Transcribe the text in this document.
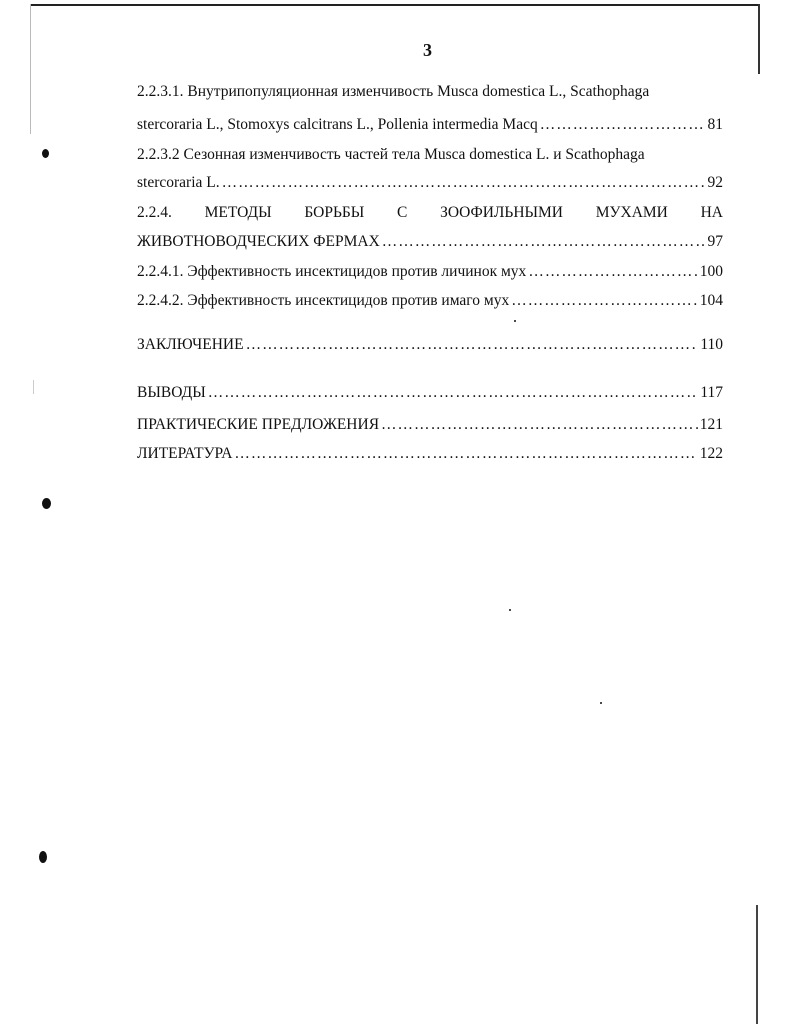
3
2.2.3.1. Внутрипопуляционная изменчивость Musca domestica L., Scathophaga
stercoraria L., Stomoxys calcitrans L., Pollenia intermedia Macq ……………………………………………………………………………………………………………………………………………………………………………	81
2.2.3.2 Сезонная изменчивость частей тела Musca domestica L. и Scathophaga
stercoraria L. ……………………………………………………………………………………………………………………………………………………………………………	92
2.2.4. МЕТОДЫ БОРЬБЫ С ЗООФИЛЬНЫМИ МУХАМИ НА
ЖИВОТНОВОДЧЕСКИХ ФЕРМАХ ……………………………………………………………………………………………………………………………………………………………………………	97
2.2.4.1. Эффективность инсектицидов против личинок мух ……………………………………………………………………………………………………………………………………………………………………………	100
2.2.4.2. Эффективность инсектицидов против имаго мух ……………………………………………………………………………………………………………………………………………………………………………	104
ЗАКЛЮЧЕНИЕ ……………………………………………………………………………………………………………………………………………………………………………	110
ВЫВОДЫ ……………………………………………………………………………………………………………………………………………………………………………	117
ПРАКТИЧЕСКИЕ ПРЕДЛОЖЕНИЯ ……………………………………………………………………………………………………………………………………………………………………………	121
ЛИТЕРАТУРА ……………………………………………………………………………………………………………………………………………………………………………	122
